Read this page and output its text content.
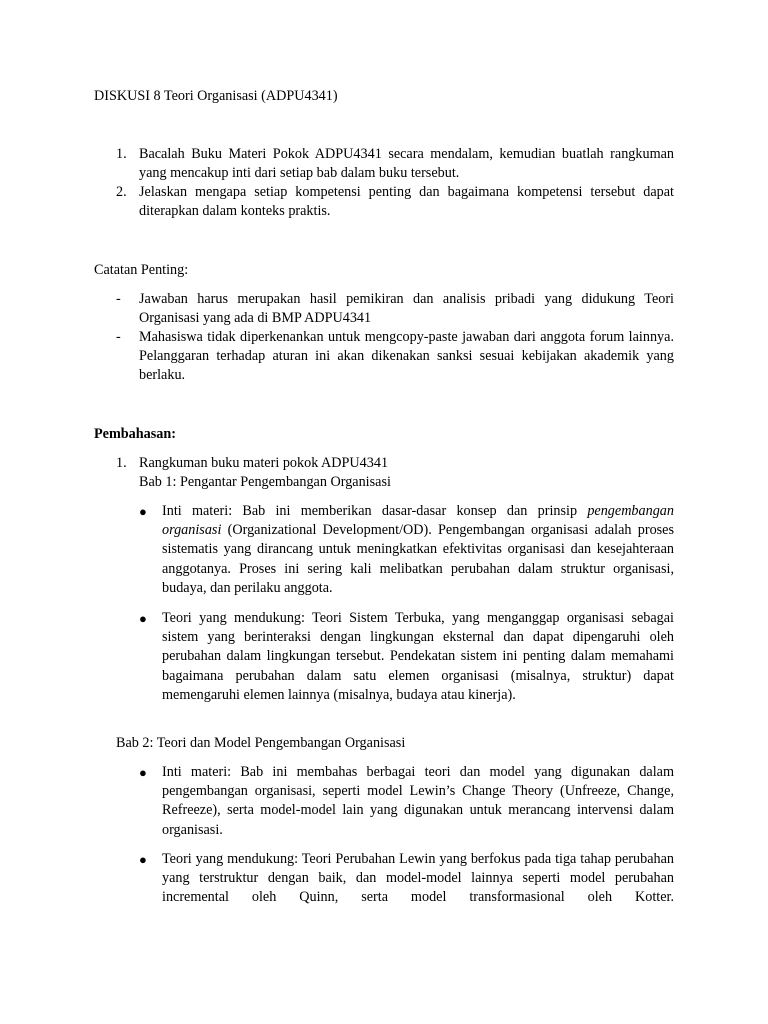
DISKUSI 8 Teori Organisasi (ADPU4341)
1. Bacalah Buku Materi Pokok ADPU4341 secara mendalam, kemudian buatlah rangkuman yang mencakup inti dari setiap bab dalam buku tersebut.
2. Jelaskan mengapa setiap kompetensi penting dan bagaimana kompetensi tersebut dapat diterapkan dalam konteks praktis.
Catatan Penting:
- Jawaban harus merupakan hasil pemikiran dan analisis pribadi yang didukung Teori Organisasi yang ada di BMP ADPU4341
- Mahasiswa tidak diperkenankan untuk mengcopy-paste jawaban dari anggota forum lainnya. Pelanggaran terhadap aturan ini akan dikenakan sanksi sesuai kebijakan akademik yang berlaku.
Pembahasan:
1. Rangkuman buku materi pokok ADPU4341
Bab 1: Pengantar Pengembangan Organisasi
● Inti materi: Bab ini memberikan dasar-dasar konsep dan prinsip pengembangan organisasi (Organizational Development/OD). Pengembangan organisasi adalah proses sistematis yang dirancang untuk meningkatkan efektivitas organisasi dan kesejahteraan anggotanya. Proses ini sering kali melibatkan perubahan dalam struktur organisasi, budaya, dan perilaku anggota.
● Teori yang mendukung: Teori Sistem Terbuka, yang menganggap organisasi sebagai sistem yang berinteraksi dengan lingkungan eksternal dan dapat dipengaruhi oleh perubahan dalam lingkungan tersebut. Pendekatan sistem ini penting dalam memahami bagaimana perubahan dalam satu elemen organisasi (misalnya, struktur) dapat memengaruhi elemen lainnya (misalnya, budaya atau kinerja).
Bab 2: Teori dan Model Pengembangan Organisasi
● Inti materi: Bab ini membahas berbagai teori dan model yang digunakan dalam pengembangan organisasi, seperti model Lewin’s Change Theory (Unfreeze, Change, Refreeze), serta model-model lain yang digunakan untuk merancang intervensi dalam organisasi.
● Teori yang mendukung: Teori Perubahan Lewin yang berfokus pada tiga tahap perubahan yang terstruktur dengan baik, dan model-model lainnya seperti model perubahan incremental oleh Quinn, serta model transformasional oleh Kotter.
